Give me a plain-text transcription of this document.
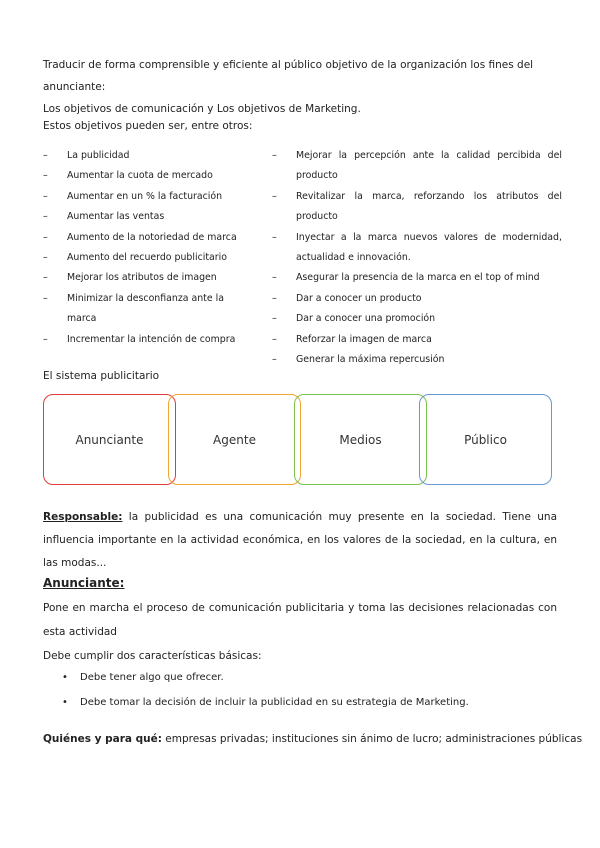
Traducir de forma comprensible y eficiente al público objetivo de la organización los fines del anunciante:
Los objetivos de comunicación y Los objetivos de Marketing.
Estos objetivos pueden ser, entre otros:
– La publicidad
– Aumentar la cuota de mercado
– Aumentar en un % la facturación
– Aumentar las ventas
– Aumento de la notoriedad de marca
– Aumento del recuerdo publicitario
– Mejorar los atributos de imagen
– Minimizar la desconfianza ante la marca
– Incrementar la intención de compra
– Mejorar la percepción ante la calidad percibida del producto
– Revitalizar la marca, reforzando los atributos del producto
– Inyectar a la marca nuevos valores de modernidad, actualidad e innovación.
– Asegurar la presencia de la marca en el top of mind
– Dar a conocer un producto
– Dar a conocer una promoción
– Reforzar la imagen de marca
– Generar la máxima repercusión
El sistema publicitario
Anunciante	Agente	Medios	Público
Responsable: la publicidad es una comunicación muy presente en la sociedad. Tiene una influencia importante en la actividad económica, en los valores de la sociedad, en la cultura, en las modas...
Anunciante:
Pone en marcha el proceso de comunicación publicitaria y toma las decisiones relacionadas con esta actividad
Debe cumplir dos características básicas:
• Debe tener algo que ofrecer.
• Debe tomar la decisión de incluir la publicidad en su estrategia de Marketing.
Quiénes y para qué: empresas privadas; instituciones sin ánimo de lucro; administraciones públicas
